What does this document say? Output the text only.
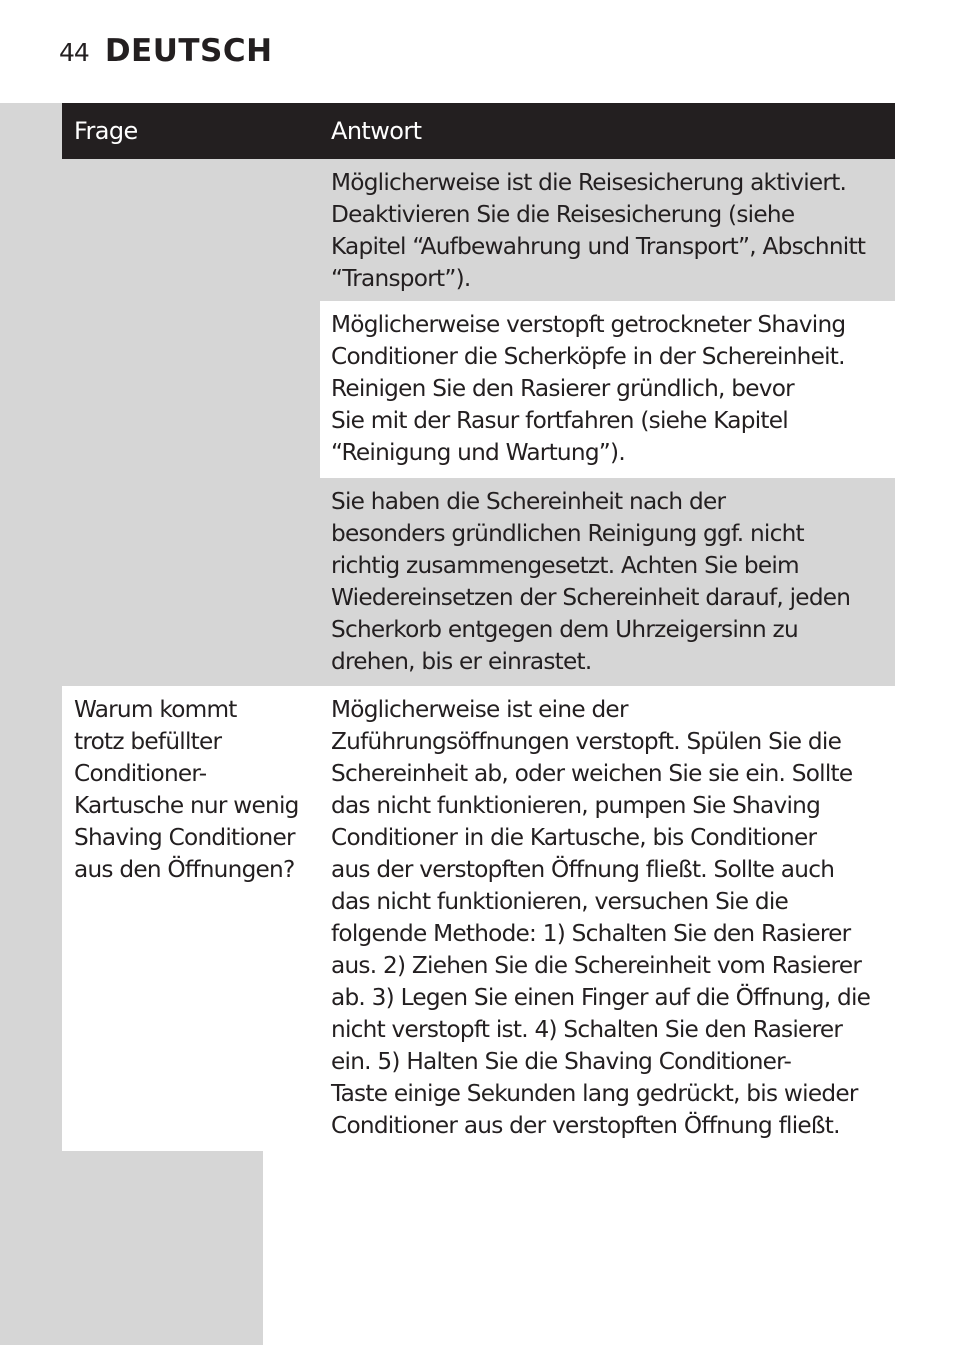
44 DEUTSCH
Frage	Antwort
Möglicherweise ist die Reisesicherung aktiviert.
Deaktivieren Sie die Reisesicherung (siehe
Kapitel “Aufbewahrung und Transport”, Abschnitt
“Transport”).
Möglicherweise verstopft getrockneter Shaving
Conditioner die Scherköpfe in der Schereinheit.
Reinigen Sie den Rasierer gründlich, bevor
Sie mit der Rasur fortfahren (siehe Kapitel
“Reinigung und Wartung”).
Sie haben die Schereinheit nach der
besonders gründlichen Reinigung ggf. nicht
richtig zusammengesetzt. Achten Sie beim
Wiedereinsetzen der Schereinheit darauf, jeden
Scherkorb entgegen dem Uhrzeigersinn zu
drehen, bis er einrastet.
Warum kommt
trotz befüllter
Conditioner-
Kartusche nur wenig
Shaving Conditioner
aus den Öffnungen?
Möglicherweise ist eine der
Zuführungsöffnungen verstopft. Spülen Sie die
Schereinheit ab, oder weichen Sie sie ein. Sollte
das nicht funktionieren, pumpen Sie Shaving
Conditioner in die Kartusche, bis Conditioner
aus der verstopften Öffnung fließt. Sollte auch
das nicht funktionieren, versuchen Sie die
folgende Methode: 1) Schalten Sie den Rasierer
aus. 2) Ziehen Sie die Schereinheit vom Rasierer
ab. 3) Legen Sie einen Finger auf die Öffnung, die
nicht verstopft ist. 4) Schalten Sie den Rasierer
ein. 5) Halten Sie die Shaving Conditioner-
Taste einige Sekunden lang gedrückt, bis wieder
Conditioner aus der verstopften Öffnung fließt.
